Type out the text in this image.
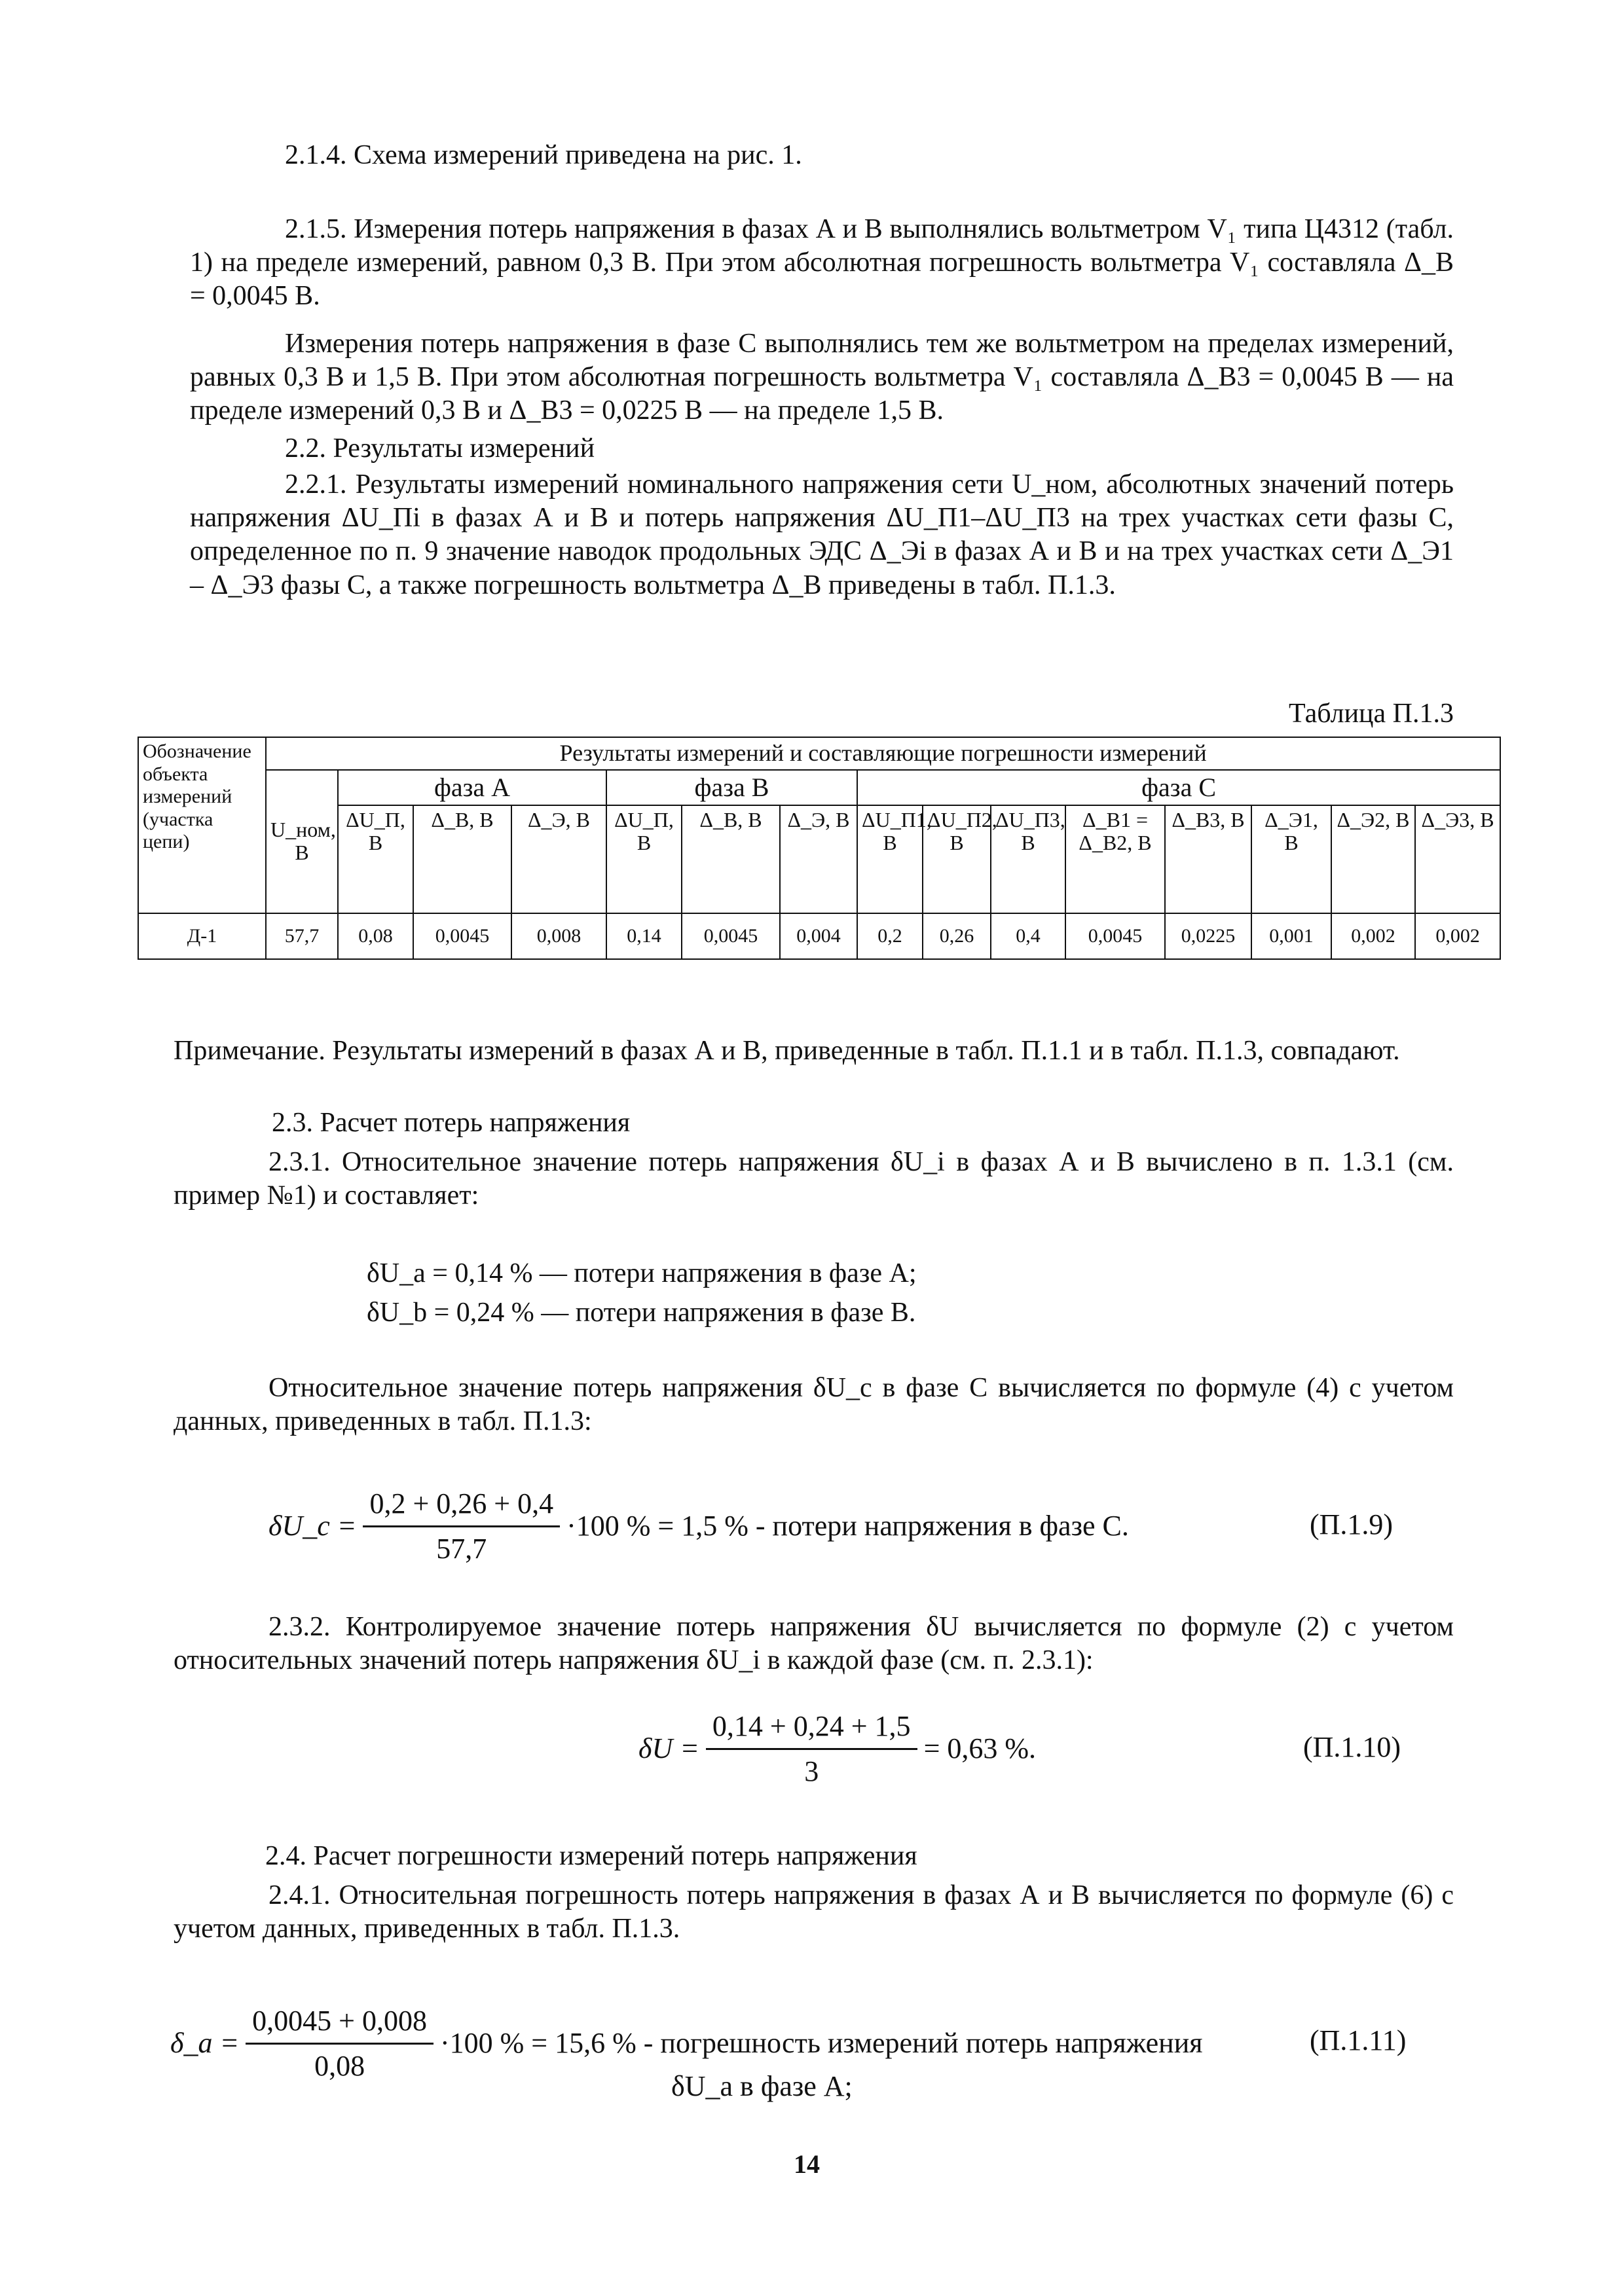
2.1.4. Схема измерений приведена на рис. 1.

2.1.5. Измерения потерь напряжения в фазах А и В выполнялись вольтметром V₁ типа Ц4312 (табл. 1) на пределе измерений, равном 0,3 В. При этом абсолютная погрешность вольтметра V₁ составляла Δ_В = 0,0045 В.

Измерения потерь напряжения в фазе С выполнялись тем же вольтметром на пределах измерений, равных 0,3 В и 1,5 В. При этом абсолютная погрешность вольтметра V₁ составляла Δ_В3 = 0,0045 В — на пределе измерений 0,3 В и Δ_В3 = 0,0225 В — на пределе 1,5 В.

2.2. Результаты измерений

2.2.1. Результаты измерений номинального напряжения сети U_ном, абсолютных значений потерь напряжения ΔU_Пi в фазах А и В и потерь напряжения ΔU_П1–ΔU_П3 на трех участках сети фазы С, определенное по п. 9 значение наводок продольных ЭДС Δ_Эi в фазах А и В и на трех участках сети Δ_Э1 – Δ_Э3 фазы С, а также погрешность вольтметра Δ_В приведены в табл. П.1.3.

Таблица П.1.3
Обозначение объекта измерений (участка цепи)	Результаты измерений и составляющие погрешности измерений														
	U_ном, В	фаза А			фаза В			фаза С							
		ΔU_П, В	Δ_В, В	Δ_Э, В	ΔU_П, В	Δ_В, В	Δ_Э, В	ΔU_П1, В	ΔU_П2, В	ΔU_П3, В	Δ_В1 = Δ_В2, В	Δ_В3, В	Δ_Э1, В	Δ_Э2, В	Δ_Э3, В
Д-1	57,7	0,08	0,0045	0,008	0,14	0,0045	0,004	0,2	0,26	0,4	0,0045	0,0225	0,001	0,002	0,002

Примечание. Результаты измерений в фазах А и В, приведенные в табл. П.1.1 и в табл. П.1.3, совпадают.

2.3. Расчет потерь напряжения

2.3.1. Относительное значение потерь напряжения δU_i в фазах А и В вычислено в п. 1.3.1 (см. пример №1) и составляет:

δU_a = 0,14 % — потери напряжения в фазе А;

δU_b = 0,24 % — потери напряжения в фазе В.

Относительное значение потерь напряжения δU_c в фазе С вычисляется по формуле (4) с учетом данных, приведенных в табл. П.1.3:

δU_c = $\frac{0,2 + 0,26 + 0,4}{57,7} \cdot 100$ % = 1,5 % - потери напряжения в фазе С.	(П.1.9)

2.3.2. Контролируемое значение потерь напряжения δU вычисляется по формуле (2) с учетом относительных значений потерь напряжения δU_i в каждой фазе (см. п. 2.3.1):

$\delta U = \frac{0,14 + 0,24 + 1,5}{3} = 0,63$ %.	(П.1.10)

2.4. Расчет погрешности измерений потерь напряжения

2.4.1. Относительная погрешность потерь напряжения в фазах А и В вычисляется по формуле (6) с учетом данных, приведенных в табл. П.1.3.

δ_a = $\frac{0,0045 + 0,008}{0,08} \cdot 100$ % = 15,6 % - погрешность измерений потерь напряжения	(П.1.11)
δU_a в фазе А;
14
